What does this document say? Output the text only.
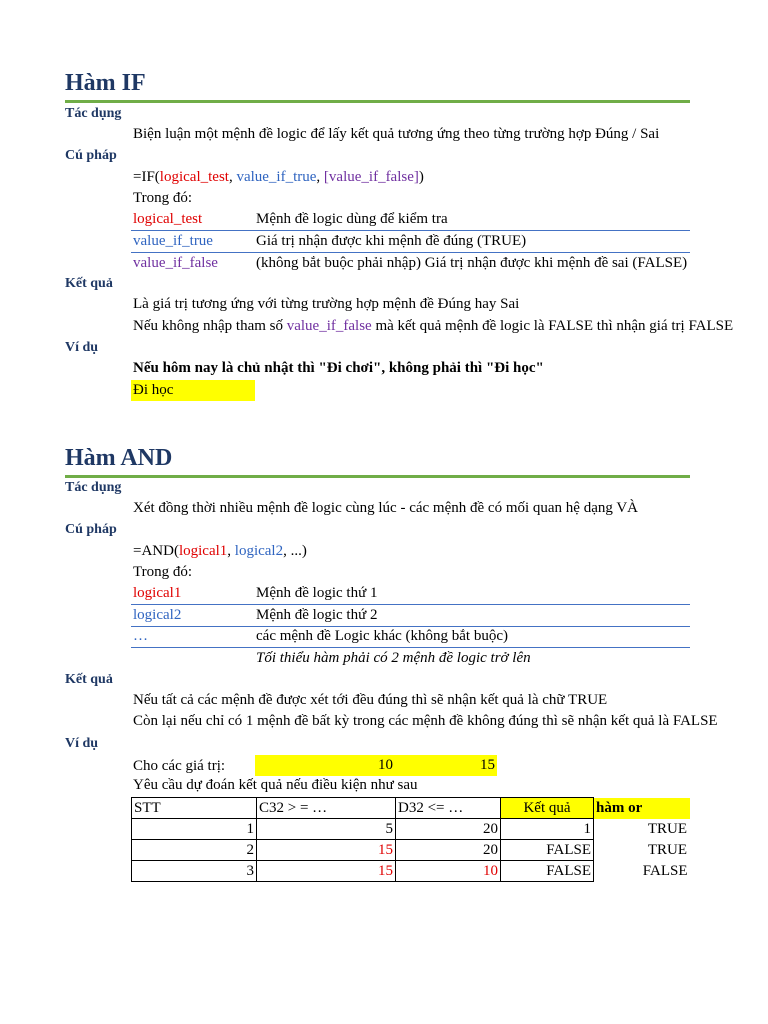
Hàm IF
Tác dụng
Biện luận một mệnh đề logic để lấy kết quả tương ứng theo từng trường hợp Đúng / Sai
Cú pháp
=IF(logical_test, value_if_true, [value_if_false])
Trong đó:
logical_test	Mệnh đề logic dùng để kiểm tra
value_if_true	Giá trị nhận được khi mệnh đề đúng (TRUE)
value_if_false	(không bắt buộc phải nhập) Giá trị nhận được khi mệnh đề sai (FALSE)
Kết quả
Là giá trị tương ứng với từng trường hợp mệnh đề Đúng hay Sai
Nếu không nhập tham số value_if_false mà kết quả mệnh đề logic là FALSE thì nhận giá trị FALSE
Ví dụ
Nếu hôm nay là chủ nhật thì "Đi chơi", không phải thì "Đi học"
Đi học
Hàm AND
Tác dụng
Xét đồng thời nhiều mệnh đề logic cùng lúc - các mệnh đề có mối quan hệ dạng VÀ
Cú pháp
=AND(logical1, logical2, ...)
Trong đó:
logical1	Mệnh đề logic thứ 1
logical2	Mệnh đề logic thứ 2
…	các mệnh đề Logic khác (không bắt buộc)
Tối thiểu hàm phải có 2 mệnh đề logic trở lên
Kết quả
Nếu tất cả các mệnh đề được xét tới đều đúng thì sẽ nhận kết quả là chữ TRUE
Còn lại nếu chỉ có 1 mệnh đề bất kỳ trong các mệnh đề không đúng thì sẽ nhận kết quả là FALSE
Ví dụ
Cho các giá trị:	10	15
Yêu cầu dự đoán kết quả nếu điều kiện như sau
STT	C32 > = …	D32 <= …	Kết quả	hàm or
1	5	20	1	TRUE
2	15	20	FALSE	TRUE
3	15	10	FALSE	FALSE
